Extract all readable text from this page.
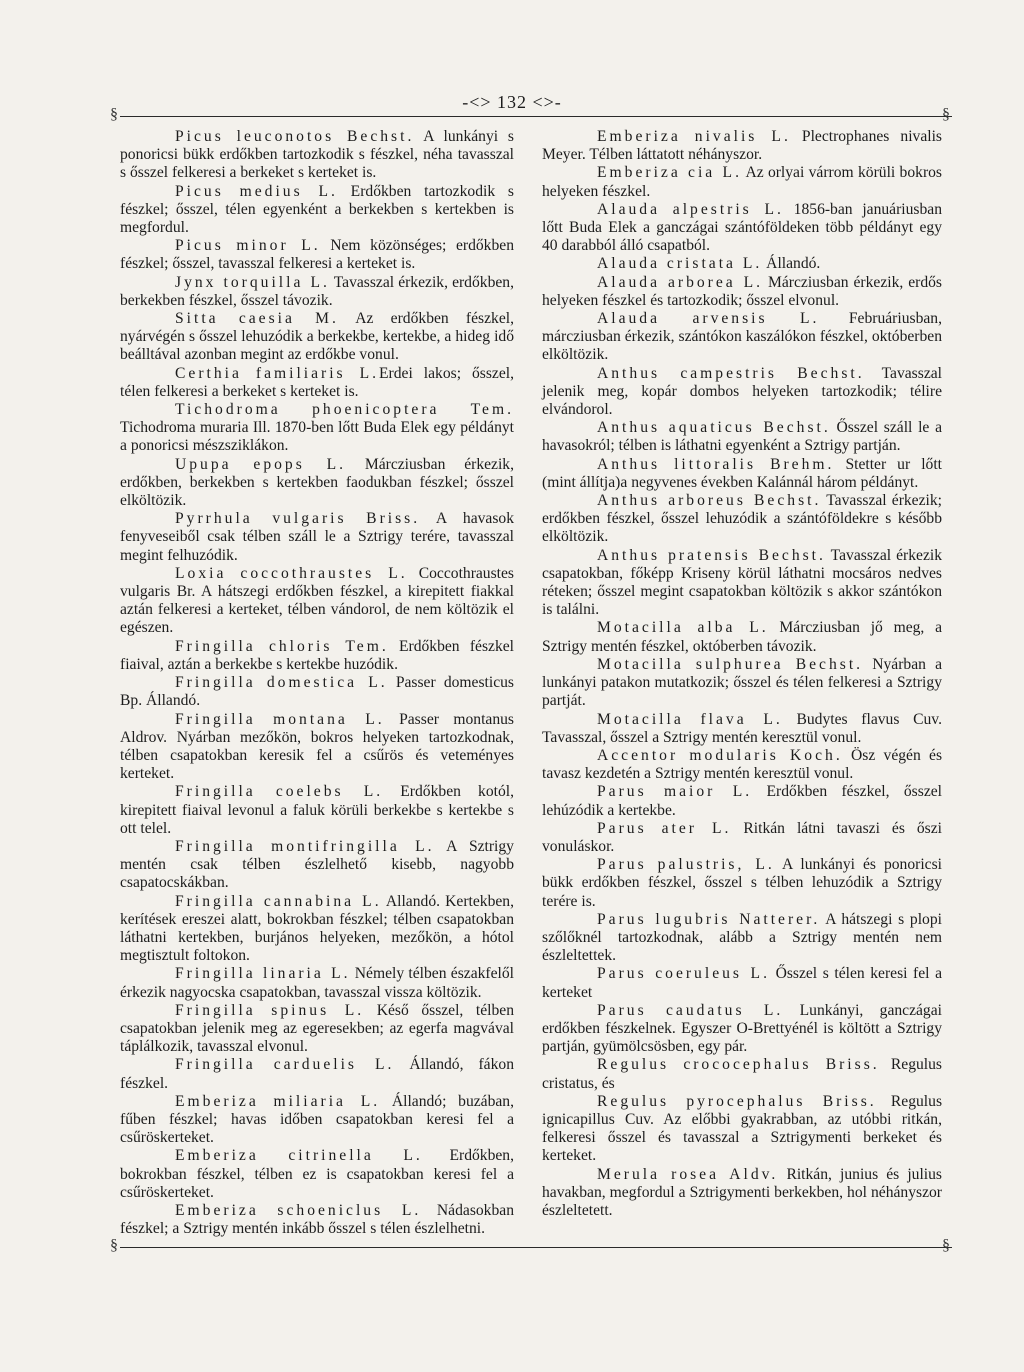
-<> 132 <>-
§	§

Picus leuconotos Bechst. A lunkányi s ponoricsi bükk erdőkben tartozkodik s fészkel, néha tavasszal s ősszel felkeresi a berkeket s kerteket is.

Picus medius L. Erdőkben tartozkodik s fészkel; ősszel, télen egyenként a berkekben s kertekben is megfordul.

Picus minor L. Nem közönséges; erdőkben fészkel; ősszel, tavasszal felkeresi a kerteket is.

Jynx torquilla L. Tavasszal érkezik, erdőkben, berkekben fészkel, ősszel távozik.

Sitta caesia M. Az erdőkben fészkel, nyárvégén s ősszel lehuzódik a berkekbe, kertekbe, a hideg idő beálltával azonban megint az erdőkbe vonul.

Certhia familiaris L.Erdei lakos; ősszel, télen felkeresi a berkeket s kerteket is.

Tichodroma phoenicoptera Tem. Tichodroma muraria Ill. 1870-ben lőtt Buda Elek egy példányt a ponoricsi mészsziklákon.

Upupa epops L. Márcziusban érkezik, erdőkben, berkekben s kertekben faodukban fészkel; ősszel elköltözik.

Pyrrhula vulgaris Briss. A havasok fenyveseiből csak télben száll le a Sztrigy terére, tavasszal megint felhuzódik.

Loxia coccothraustes L. Coccothraustes vulgaris Br. A hátszegi erdőkben fészkel, a kirepitett fiakkal aztán felkeresi a kerteket, télben vándorol, de nem költözik el egészen.

Fringilla chloris Tem. Erdőkben fészkel fiaival, aztán a berkekbe s kertekbe huzódik.

Fringilla domestica L. Passer domesticus Bp. Állandó.

Fringilla montana L. Passer montanus Aldrov. Nyárban mezőkön, bokros helyeken tartozkodnak, télben csapatokban keresik fel a csűrös és veteményes kerteket.

Fringilla coelebs L. Erdőkben kotól, kirepitett fiaival levonul a faluk körüli berkekbe s kertekbe s ott telel.

Fringilla montifringilla L. A Sztrigy mentén csak télben észlelhető kisebb, nagyobb csapatocskákban.

Fringilla cannabina L. Allandó. Kertekben, kerítések ereszei alatt, bokrokban fészkel; télben csapatokban láthatni kertekben, burjános helyeken, mezőkön, a hótol megtisztult foltokon.

Fringilla linaria L. Némely télben északfelől érkezik nagyocska csapatokban, tavasszal vissza költözik.

Fringilla spinus L. Késő ősszel, télben csapatokban jelenik meg az egeresekben; az egerfa magvával táplálkozik, tavasszal elvonul.

Fringilla carduelis L. Állandó, fákon fészkel.

Emberiza miliaria L. Állandó; buzában, fűben fészkel; havas időben csapatokban keresi fel a csűröskerteket.

Emberiza citrinella L. Erdőkben, bokrokban fészkel, télben ez is csapatokban keresi fel a csűröskerteket.

Emberiza schoeniclus L. Nádasokban fészkel; a Sztrigy mentén inkább ősszel s télen észlelhetni.

Emberiza nivalis L. Plectrophanes nivalis Meyer. Télben láttatott néhányszor.

Emberiza cia L. Az orlyai várrom körüli bokros helyeken fészkel.

Alauda alpestris L. 1856-ban januáriusban lőtt Buda Elek a ganczágai szántóföldeken több példányt egy 40 darabból álló csapatból.

Alauda cristata L. Állandó.

Alauda arborea L. Márcziusban érkezik, erdős helyeken fészkel és tartozkodik; ősszel elvonul.

Alauda arvensis L. Februáriusban, márcziusban érkezik, szántókon kaszálókon fészkel, októberben elköltözik.

Anthus campestris Bechst. Tavasszal jelenik meg, kopár dombos helyeken tartozkodik; télire elvándorol.

Anthus aquaticus Bechst. Ősszel száll le a havasokról; télben is láthatni egyenként a Sztrigy partján.

Anthus littoralis Brehm. Stetter ur lőtt (mint állítja)a negyvenes években Kalánnál három példányt.

Anthus arboreus Bechst. Tavasszal érkezik; erdőkben fészkel, ősszel lehuzódik a szántóföldekre s később elköltözik.

Anthus pratensis Bechst. Tavasszal érkezik csapatokban, főképp Kriseny körül láthatni mocsáros nedves réteken; ősszel megint csapatokban költözik s akkor szántókon is találni.

Motacilla alba L. Márcziusban jő meg, a Sztrigy mentén fészkel, októberben távozik.

Motacilla sulphurea Bechst. Nyárban a lunkányi patakon mutatkozik; ősszel és télen felkeresi a Sztrigy partját.

Motacilla flava L. Budytes flavus Cuv. Tavasszal, ősszel a Sztrigy mentén keresztül vonul.

Accentor modularis Koch. Ösz végén és tavasz kezdetén a Sztrigy mentén keresztül vonul.

Parus maior L. Erdőkben fészkel, ősszel lehúzódik a kertekbe.

Parus ater L. Ritkán látni tavaszi és őszi vonuláskor.

Parus palustris, L. A lunkányi és ponoricsi bükk erdőkben fészkel, ősszel s télben lehuzódik a Sztrigy terére is.

Parus lugubris Natterer. A hátszegi s plopi szőlőknél tartozkodnak, alább a Sztrigy mentén nem észleltettek.

Parus coeruleus L. Ősszel s télen keresi fel a kerteket

Parus caudatus L. Lunkányi, ganczágai erdőkben fészkelnek. Egyszer O-Brettyénél is költött a Sztrigy partján, gyümölcsösben, egy pár.

Regulus crococephalus Briss. Regulus cristatus, és

Regulus pyrocephalus Briss. Regulus ignicapillus Cuv. Az előbbi gyakrabban, az utóbbi ritkán, felkeresi ősszel és tavasszal a Sztrigymenti berkeket és kerteket.

Merula rosea Aldv. Ritkán, junius és julius havakban, megfordul a Sztrigymenti berkekben, hol néhányszor észleltetett.

§	§
